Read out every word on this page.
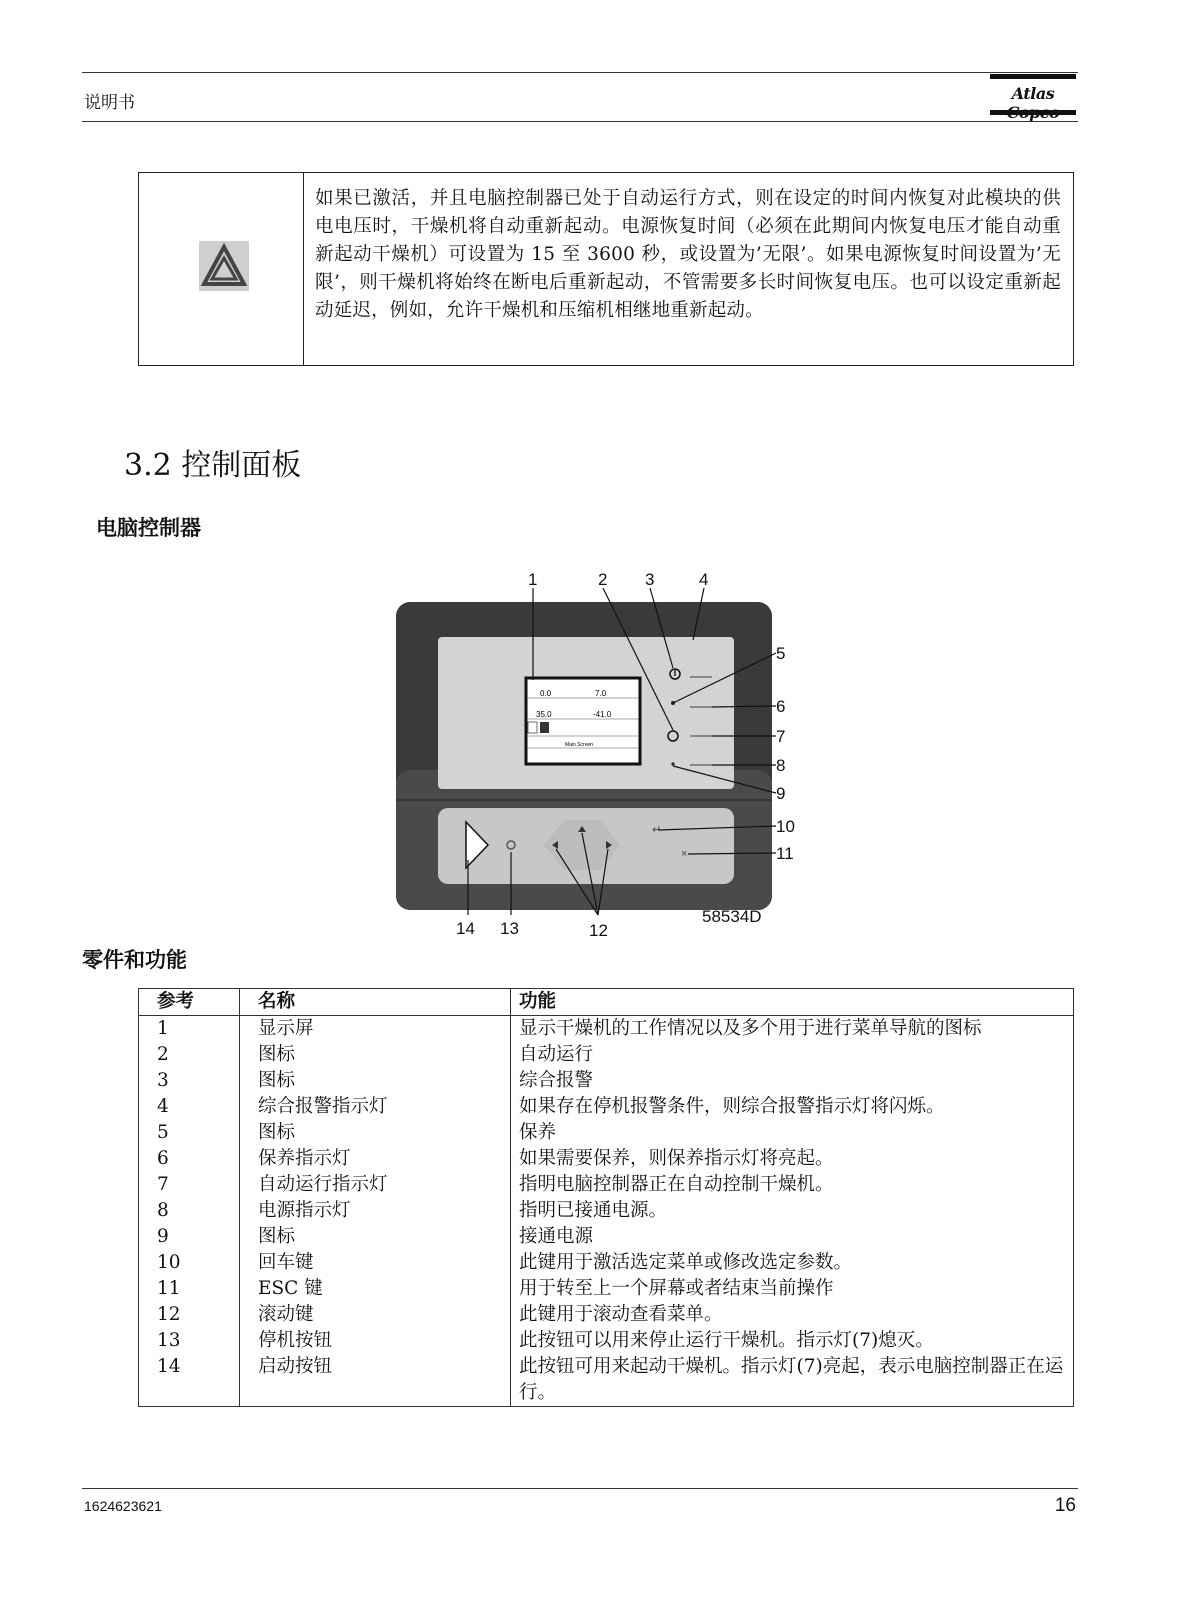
说明书	Atlas
如果已激活，并且电脑控制器已处于自动运行方式，则在设定的时间内恢复对此模块的供电电压时，干燥机将自动重新起动。电源恢复时间（必须在此期间内恢复电压才能自动重新起动干燥机）可设置为 15 至 3600 秒，或设置为’无限’。如果电源恢复时间设置为’无限’，则干燥机将始终在断电后重新起动，不管需要多长时间恢复电压。也可以设定重新起动延迟，例如，允许干燥机和压缩机相继地重新起动。
3.2 控制面板
电脑控制器
0.0	7.0
35.0	-41.0
Main Screen
↵
×
1	2 3	4
5
6
7
8
9
10
11
12
13
14
58534D
零件和功能
参考	名称	功能
1	显示屏	显示干燥机的工作情况以及多个用于进行菜单导航的图标
2	图标	自动运行
3	图标	综合报警
4	综合报警指示灯	如果存在停机报警条件，则综合报警指示灯将闪烁。
5	图标	保养
6	保养指示灯	如果需要保养，则保养指示灯将亮起。
7	自动运行指示灯	指明电脑控制器正在自动控制干燥机。
8	电源指示灯	指明已接通电源。
9	图标	接通电源
10	回车键	此键用于激活选定菜单或修改选定参数。
11	ESC 键	用于转至上一个屏幕或者结束当前操作
12	滚动键	此键用于滚动查看菜单。
13	停机按钮	此按钮可以用来停止运行干燥机。指示灯(7)熄灭。
14	启动按钮	此按钮可用来起动干燥机。指示灯(7)亮起，表示电脑控制器正在运行。
1624623621	16
